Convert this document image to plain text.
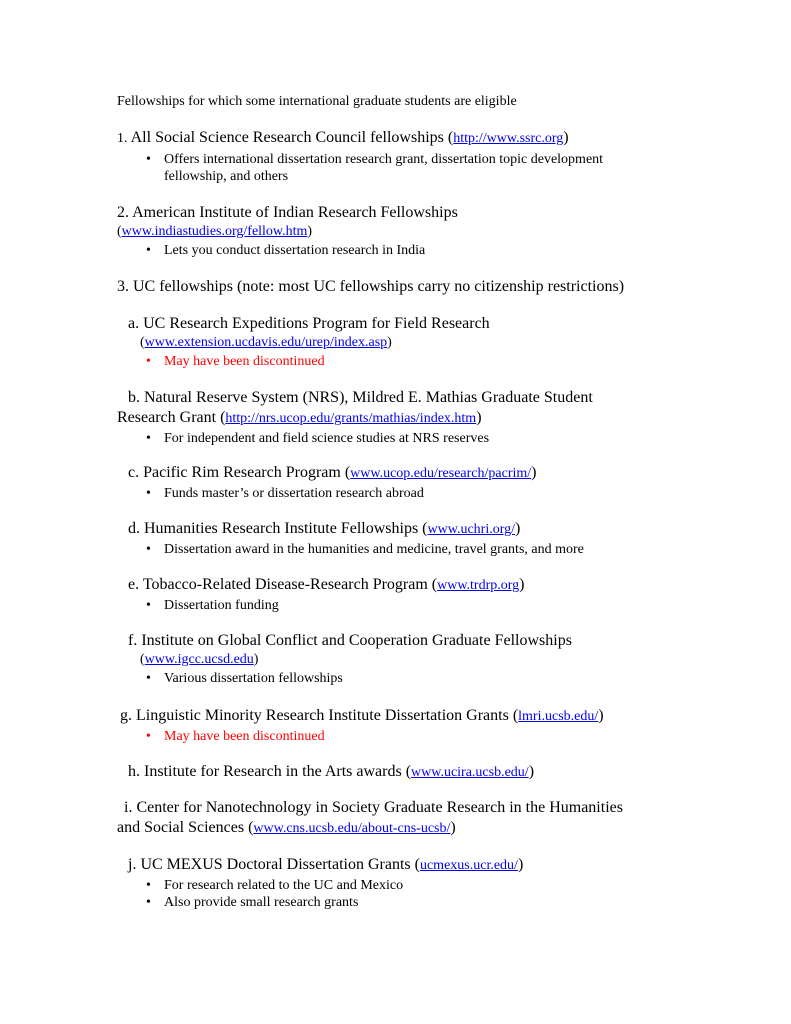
Fellowships for which some international graduate students are eligible
1. All Social Science Research Council fellowships (http://www.ssrc.org)
• Offers international dissertation research grant, dissertation topic development fellowship, and others
2. American Institute of Indian Research Fellowships
(www.indiastudies.org/fellow.htm)
• Lets you conduct dissertation research in India
3. UC fellowships (note: most UC fellowships carry no citizenship restrictions)
a. UC Research Expeditions Program for Field Research
(www.extension.ucdavis.edu/urep/index.asp)
• May have been discontinued
b. Natural Reserve System (NRS), Mildred E. Mathias Graduate Student
Research Grant (http://nrs.ucop.edu/grants/mathias/index.htm)
• For independent and field science studies at NRS reserves
c. Pacific Rim Research Program (www.ucop.edu/research/pacrim/)
• Funds master’s or dissertation research abroad
d. Humanities Research Institute Fellowships (www.uchri.org/)
• Dissertation award in the humanities and medicine, travel grants, and more
e. Tobacco-Related Disease-Research Program (www.trdrp.org)
• Dissertation funding
f. Institute on Global Conflict and Cooperation Graduate Fellowships
(www.igcc.ucsd.edu)
• Various dissertation fellowships
g. Linguistic Minority Research Institute Dissertation Grants (lmri.ucsb.edu/)
• May have been discontinued
h. Institute for Research in the Arts awards (www.ucira.ucsb.edu/)
i. Center for Nanotechnology in Society Graduate Research in the Humanities
and Social Sciences (www.cns.ucsb.edu/about-cns-ucsb/)
j. UC MEXUS Doctoral Dissertation Grants (ucmexus.ucr.edu/)
• For research related to the UC and Mexico
• Also provide small research grants
